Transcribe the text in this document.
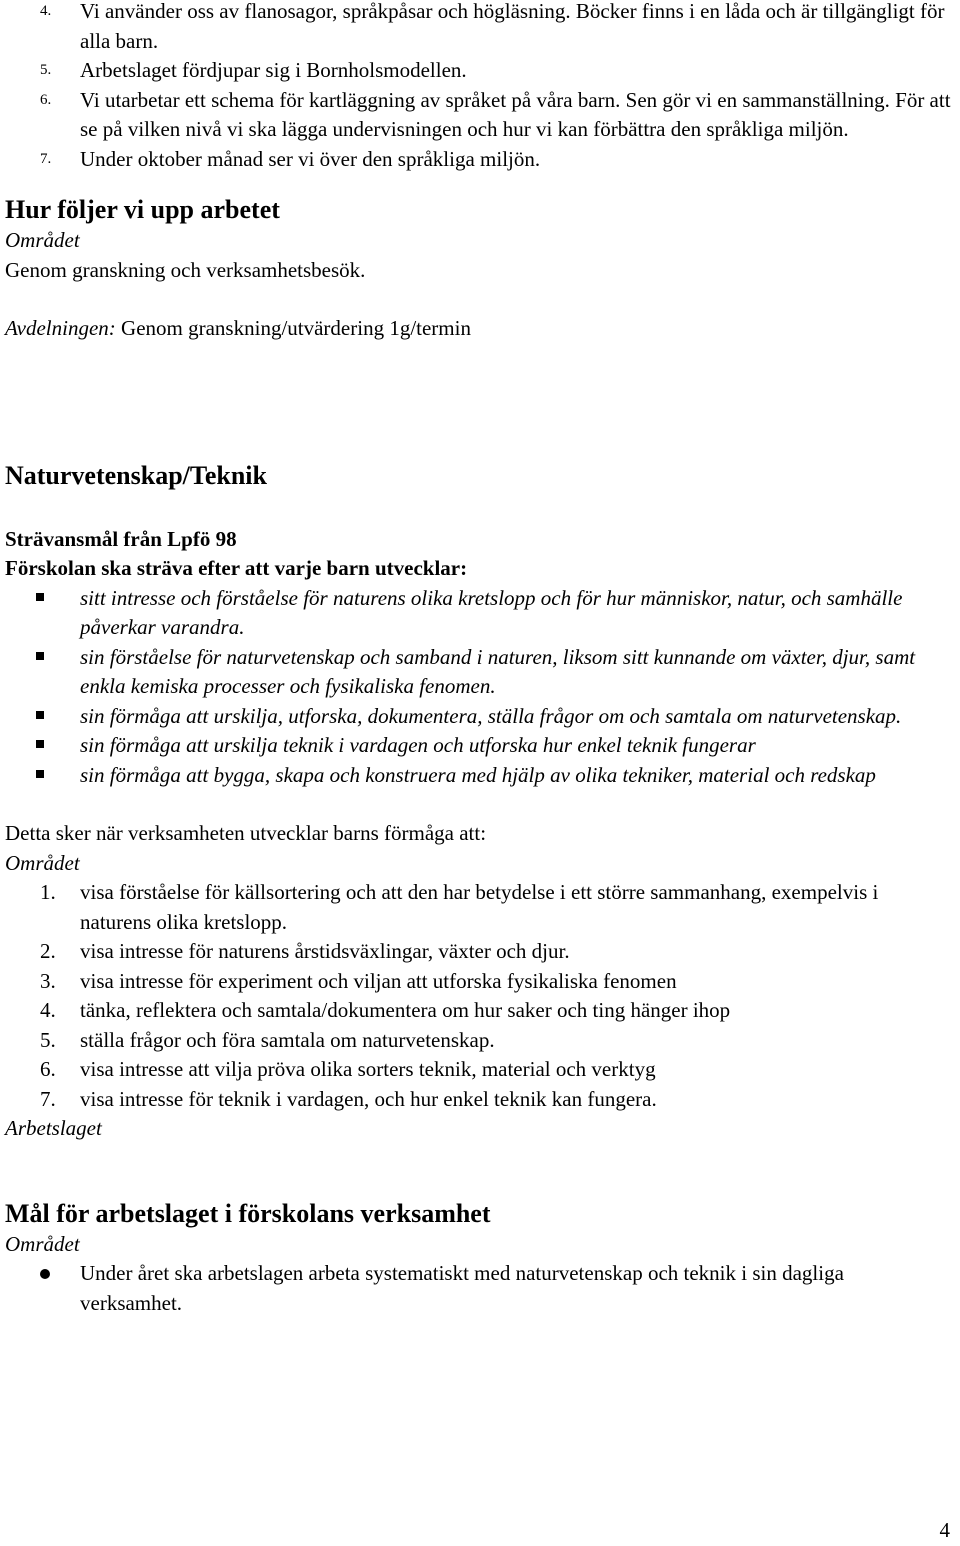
4. Vi använder oss av flanosagor, språkpåsar och högläsning. Böcker finns i en låda och är tillgängligt för alla barn.
5. Arbetslaget fördjupar sig i Bornholsmodellen.
6. Vi utarbetar ett schema för kartläggning av språket på våra barn. Sen gör vi en sammanställning. För att se på vilken nivå vi ska lägga undervisningen och hur vi kan förbättra den språkliga miljön.
7. Under oktober månad ser vi över den språkliga miljön.
Hur följer vi upp arbetet
Området
Genom granskning och verksamhetsbesök.
Avdelningen: Genom granskning/utvärdering 1g/termin
Naturvetenskap/Teknik
Strävansmål från Lpfö 98
Förskolan ska sträva efter att varje barn utvecklar:
sitt intresse och förståelse för naturens olika kretslopp och för hur människor, natur, och samhälle påverkar varandra.
sin förståelse för naturvetenskap och samband i naturen, liksom sitt kunnande om växter, djur, samt enkla kemiska processer och fysikaliska fenomen.
sin förmåga att urskilja, utforska, dokumentera, ställa frågor om och samtala om naturvetenskap.
sin förmåga att urskilja teknik i vardagen och utforska hur enkel teknik fungerar
sin förmåga att bygga, skapa och konstruera med hjälp av olika tekniker, material och redskap
Detta sker när verksamheten utvecklar barns förmåga att:
Området
1. visa förståelse för källsortering och att den har betydelse i ett större sammanhang, exempelvis i naturens olika kretslopp.
2. visa intresse för naturens årstidsväxlingar, växter och djur.
3. visa intresse för experiment och viljan att utforska fysikaliska fenomen
4. tänka, reflektera och samtala/dokumentera om hur saker och ting hänger ihop
5. ställa frågor och föra samtala om naturvetenskap.
6. visa intresse att vilja pröva olika sorters teknik, material och verktyg
7. visa intresse för teknik i vardagen, och hur enkel teknik kan fungera.
Arbetslaget
Mål för arbetslaget i förskolans verksamhet
Området
Under året ska arbetslagen arbeta systematiskt med naturvetenskap och teknik i sin dagliga verksamhet.
4
